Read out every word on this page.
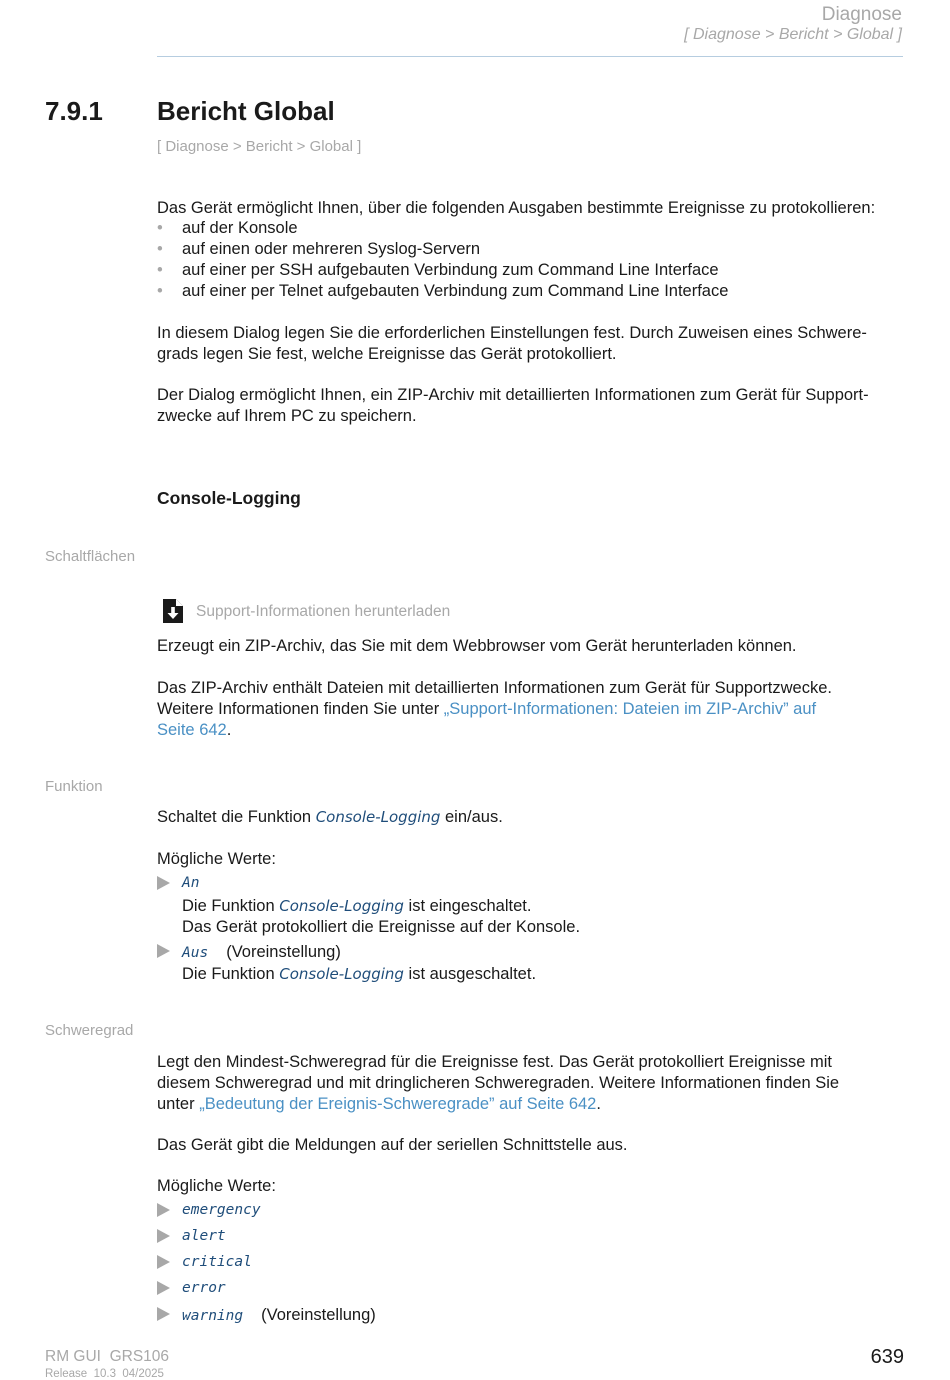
Diagnose
[ Diagnose > Bericht > Global ]
7.9.1 Bericht Global
[ Diagnose > Bericht > Global ]
Das Gerät ermöglicht Ihnen, über die folgenden Ausgaben bestimmte Ereignisse zu protokollieren:
• auf der Konsole
• auf einen oder mehreren Syslog-Servern
• auf einer per SSH aufgebauten Verbindung zum Command Line Interface
• auf einer per Telnet aufgebauten Verbindung zum Command Line Interface
In diesem Dialog legen Sie die erforderlichen Einstellungen fest. Durch Zuweisen eines Schwere-
grads legen Sie fest, welche Ereignisse das Gerät protokolliert.
Der Dialog ermöglicht Ihnen, ein ZIP-Archiv mit detaillierten Informationen zum Gerät für Support-
zwecke auf Ihrem PC zu speichern.
Console-Logging
Schaltflächen
Support-Informationen herunterladen
Erzeugt ein ZIP-Archiv, das Sie mit dem Webbrowser vom Gerät herunterladen können.
Das ZIP-Archiv enthält Dateien mit detaillierten Informationen zum Gerät für Supportzwecke.
Weitere Informationen finden Sie unter „Support-Informationen: Dateien im ZIP-Archiv” auf
Seite 642.
Funktion
Schaltet die Funktion Console-Logging ein/aus.
Mögliche Werte:
An
Die Funktion Console-Logging ist eingeschaltet.
Das Gerät protokolliert die Ereignisse auf der Konsole.
Aus (Voreinstellung)
Die Funktion Console-Logging ist ausgeschaltet.
Schweregrad
Legt den Mindest-Schweregrad für die Ereignisse fest. Das Gerät protokolliert Ereignisse mit
diesem Schweregrad und mit dringlicheren Schweregraden. Weitere Informationen finden Sie
unter „Bedeutung der Ereignis-Schweregrade” auf Seite 642.
Das Gerät gibt die Meldungen auf der seriellen Schnittstelle aus.
Mögliche Werte:
emergency
alert
critical
error
warning (Voreinstellung)
RM GUI  GRS106
Release  10.3  04/2025
639
